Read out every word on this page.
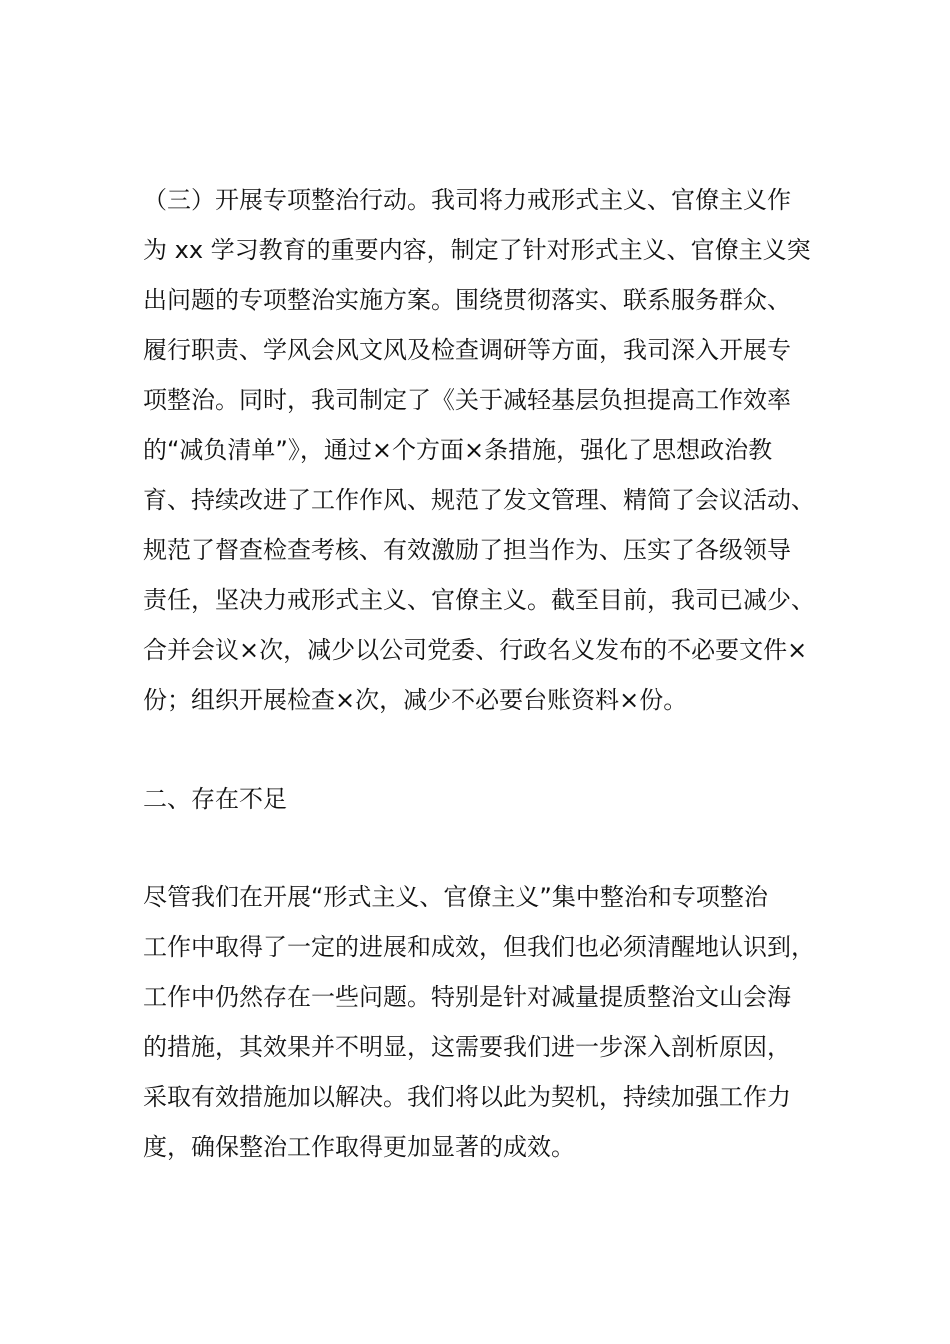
（三）开展专项整治行动。我司将力戒形式主义、官僚主义作
为 xx 学习教育的重要内容，制定了针对形式主义、官僚主义突
出问题的专项整治实施方案。围绕贯彻落实、联系服务群众、
履行职责、学风会风文风及检查调研等方面，我司深入开展专
项整治。同时，我司制定了《关于减轻基层负担提高工作效率
的“减负清单”》，通过×个方面×条措施，强化了思想政治教
育、持续改进了工作作风、规范了发文管理、精简了会议活动、
规范了督查检查考核、有效激励了担当作为、压实了各级领导
责任，坚决力戒形式主义、官僚主义。截至目前，我司已减少、
合并会议×次，减少以公司党委、行政名义发布的不必要文件×
份；组织开展检查×次，减少不必要台账资料×份。
二、存在不足
尽管我们在开展“形式主义、官僚主义”集中整治和专项整治
工作中取得了一定的进展和成效，但我们也必须清醒地认识到，
工作中仍然存在一些问题。特别是针对减量提质整治文山会海
的措施，其效果并不明显，这需要我们进一步深入剖析原因，
采取有效措施加以解决。我们将以此为契机，持续加强工作力
度，确保整治工作取得更加显著的成效。
